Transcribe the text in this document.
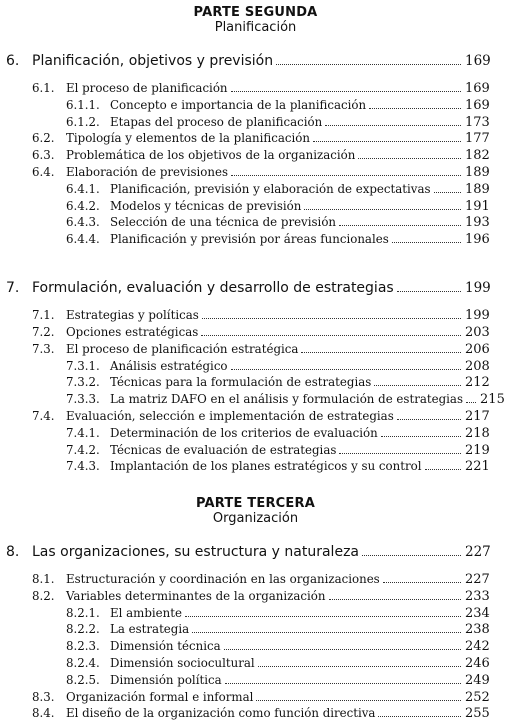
PARTE SEGUNDA
Planificación
6. Planificación, objetivos y previsión	169
6.1. El proceso de planificación	169
6.1.1. Concepto e importancia de la planificación	169
6.1.2. Etapas del proceso de planificación	173
6.2. Tipología y elementos de la planificación	177
6.3. Problemática de los objetivos de la organización	182
6.4. Elaboración de previsiones	189
6.4.1. Planificación, previsión y elaboración de expectativas	189
6.4.2. Modelos y técnicas de previsión	191
6.4.3. Selección de una técnica de previsión	193
6.4.4. Planificación y previsión por áreas funcionales	196
7. Formulación, evaluación y desarrollo de estrategias	199
7.1. Estrategias y políticas	199
7.2. Opciones estratégicas	203
7.3. El proceso de planificación estratégica	206
7.3.1. Análisis estratégico	208
7.3.2. Técnicas para la formulación de estrategias	212
7.3.3. La matriz DAFO en el análisis y formulación de estrategias 215
7.4. Evaluación, selección e implementación de estrategias	217
7.4.1. Determinación de los criterios de evaluación	218
7.4.2. Técnicas de evaluación de estrategias	219
7.4.3. Implantación de los planes estratégicos y su control	221
PARTE TERCERA
Organización
8. Las organizaciones, su estructura y naturaleza	227
8.1. Estructuración y coordinación en las organizaciones	227
8.2. Variables determinantes de la organización	233
8.2.1. El ambiente	234
8.2.2. La estrategia	238
8.2.3. Dimensión técnica	242
8.2.4. Dimensión sociocultural	246
8.2.5. Dimensión política	249
8.3. Organización formal e informal	252
8.4. El diseño de la organización como función directiva	255
